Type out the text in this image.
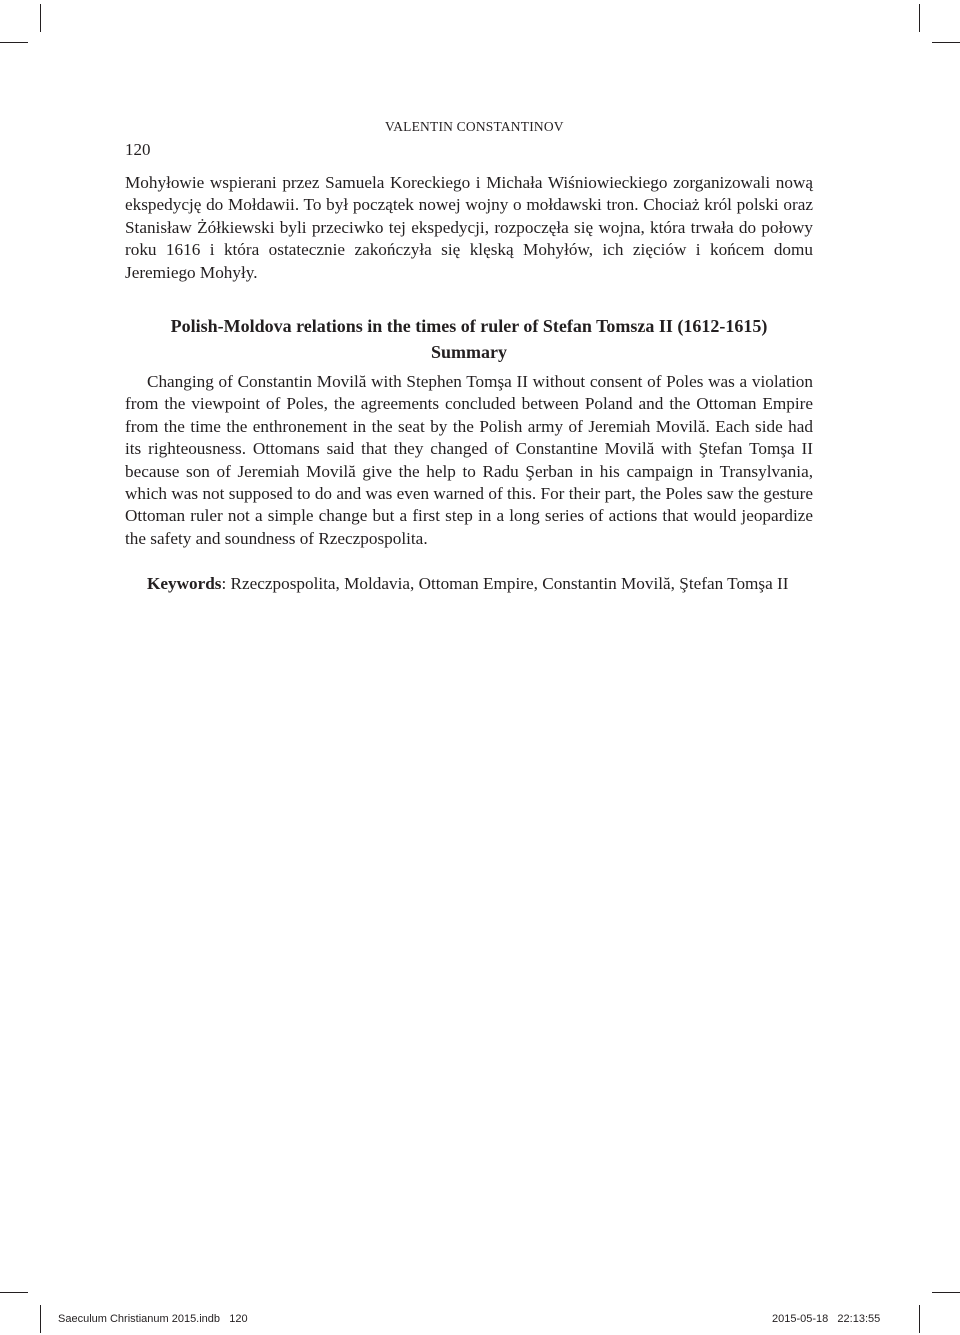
VALENTIN CONSTANTINOV
120

Mohyłowie wspierani przez Samuela Koreckiego i Michała Wiśniowieckiego zorganizowali nową ekspedycję do Mołdawii. To był początek nowej wojny o mołdawski tron. Chociaż król polski oraz Stanisław Żółkiewski byli przeciwko tej ekspedycji, rozpoczęła się wojna, która trwała do połowy roku 1616 i która ostatecznie zakończyła się klęską Mohyłów, ich zięciów i końcem domu Jeremiego Mohyły.

Polish-Moldova relations in the times of ruler of Stefan Tomsza II (1612-1615)
Summary

Changing of Constantin Movilă with Stephen Tomşa II without consent of Poles was a violation from the viewpoint of Poles, the agreements concluded between Poland and the Ottoman Empire from the time the enthronement in the seat by the Polish army of Jeremiah Movilă. Each side had its righteousness. Ottomans said that they changed of Constantine Movilă with Ştefan Tomşa II because son of Jeremiah Movilă give the help to Radu Şerban in his campaign in Transylvania, which was not supposed to do and was even warned of this. For their part, the Poles saw the gesture Ottoman ruler not a simple change but a first step in a long series of actions that would jeopardize the safety and soundness of Rzeczpospolita.

Keywords: Rzeczpospolita, Moldavia, Ottoman Empire, Constantin Movilă, Ştefan Tomşa II

Saeculum Christianum 2015.indb   120	2015-05-18   22:13:55
